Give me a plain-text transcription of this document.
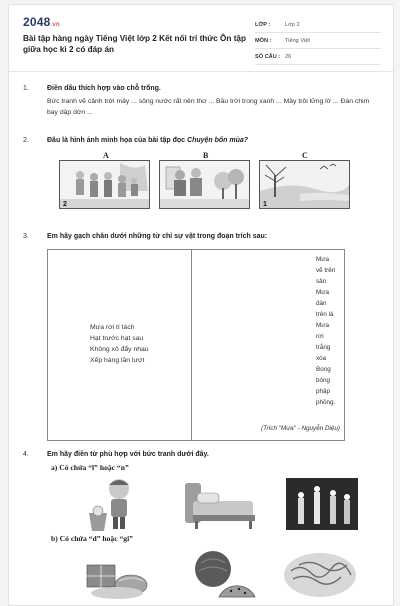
2048.vn
Bài tập hàng ngày Tiếng Việt lớp 2 Kết nối tri thức Ôn tập giữa học kì 2 có đáp án
LỚP :	Lớp 2
MÔN :	Tiếng Việt
SỐ CÂU : 26
1.	Điền dấu thích hợp vào chỗ trống.
Bức tranh vẽ cảnh trời mây ... sông nước rất nên thơ ... Bầu trời trong xanh ... Mây trôi lững lờ ... Đàn chim bay dập dờn ...
2.	Đâu là hình ảnh minh họa của bài tập đọc Chuyện bốn mùa?
A	B	C
2	1
3.	Em hãy gạch chân dưới những từ chỉ sự vật trong đoạn trích sau:
Mưa rơi tí tách
Hạt trước hạt sau
Không xô đẩy nhau
Xếp hàng lần lượt
Mưa
vẽ trên
sân
Mưa
dàn
trên lá
Mưa
rơi
trắng
xóa
Bong
bóng
phập
phồng.
(Trích "Mưa" - Nguyễn Diệu)
4.	Em hãy điền từ phù hợp với bức tranh dưới đây.
a) Có chứa “l” hoặc “n”
b) Có chứa “d” hoặc “gi”
